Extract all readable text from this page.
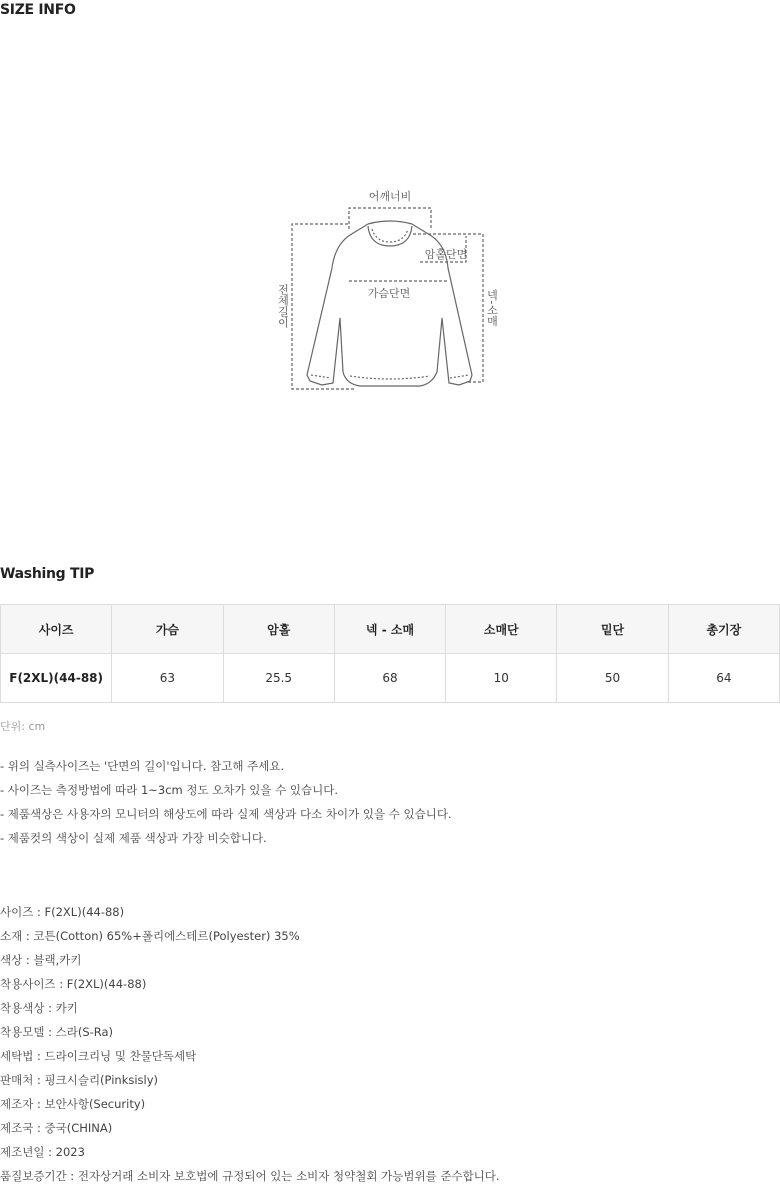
SIZE INFO
어깨너비
암홀단면
가슴단면
전체길이	넥-소매
Washing TIP
사이즈	가슴	암홀	넥 - 소매	소매단	밑단	총기장
F(2XL)(44-88)	63	25.5	68	10	50	64
단위: cm
- 위의 실측사이즈는 '단면의 길이'입니다. 참고해 주세요.
- 사이즈는 측정방법에 따라 1~3cm 정도 오차가 있을 수 있습니다.
- 제품색상은 사용자의 모니터의 해상도에 따라 실제 색상과 다소 차이가 있을 수 있습니다.
- 제품컷의 색상이 실제 제품 색상과 가장 비슷합니다.
사이즈 : F(2XL)(44-88)
소재 : 코튼(Cotton) 65%+폴리에스테르(Polyester) 35%
색상 : 블랙,카키
착용사이즈 : F(2XL)(44-88)
착용색상 : 카키
착용모델 : 스라(S-Ra)
세탁법 : 드라이크리닝 및 찬물단독세탁
판매처 : 핑크시슬리(Pinksisly)
제조자 : 보안사항(Security)
제조국 : 중국(CHINA)
제조년일 : 2023
품질보증기간 : 전자상거래 소비자 보호법에 규정되어 있는 소비자 청약철회 가능범위를 준수합니다.
